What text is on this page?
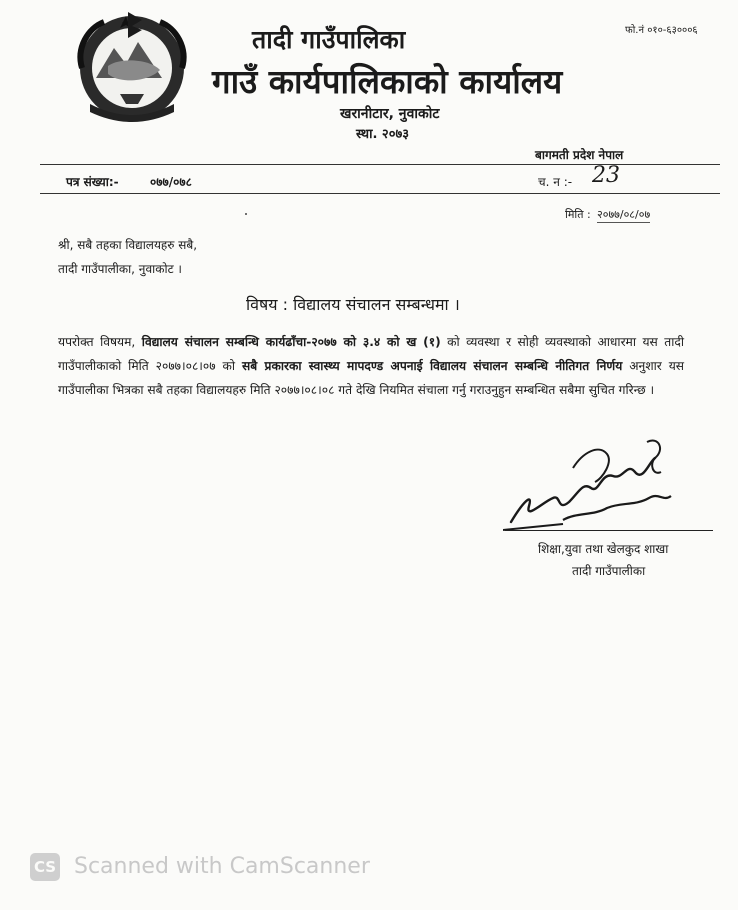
तादी गाउँपालिका
गाउँ कार्यपालिकाको कार्यालय
खरानीटार, नुवाकोट
स्था. २०७३
फो.नं ०१०-६३०००६
बागमती प्रदेश नेपाल
पत्र संख्या:-	०७७/०७८	च. न :- 23
मिति : २०७७/०८/०७
श्री, सबै तहका विद्यालयहरु सबै,
तादी गाउँपालीका, नुवाकोट ।
विषय : विद्यालय संचालन सम्बन्धमा ।
यपरोक्त विषयम, विद्यालय संचालन सम्बन्धि कार्यढाँचा-२०७७ को ३.४ को ख (१) को व्यवस्था र सोही व्यवस्थाको आधारमा यस तादी गाउँपालीकाको मिति २०७७।०८।०७ को सबै प्रकारका स्वास्थ्य मापदण्ड अपनाई विद्यालय संचालन सम्बन्धि नीतिगत निर्णय अनुशार यस गाउँपालीका भित्रका सबै तहका विद्यालयहरु मिति २०७७।०८।०८ गते देखि नियमित संचाला गर्नु गराउनुहुन सम्बन्धित सबैमा सुचित गरिन्छ ।
शिक्षा,युवा तथा खेलकुद शाखा
तादी गाउँपालीका
CS Scanned with CamScanner
